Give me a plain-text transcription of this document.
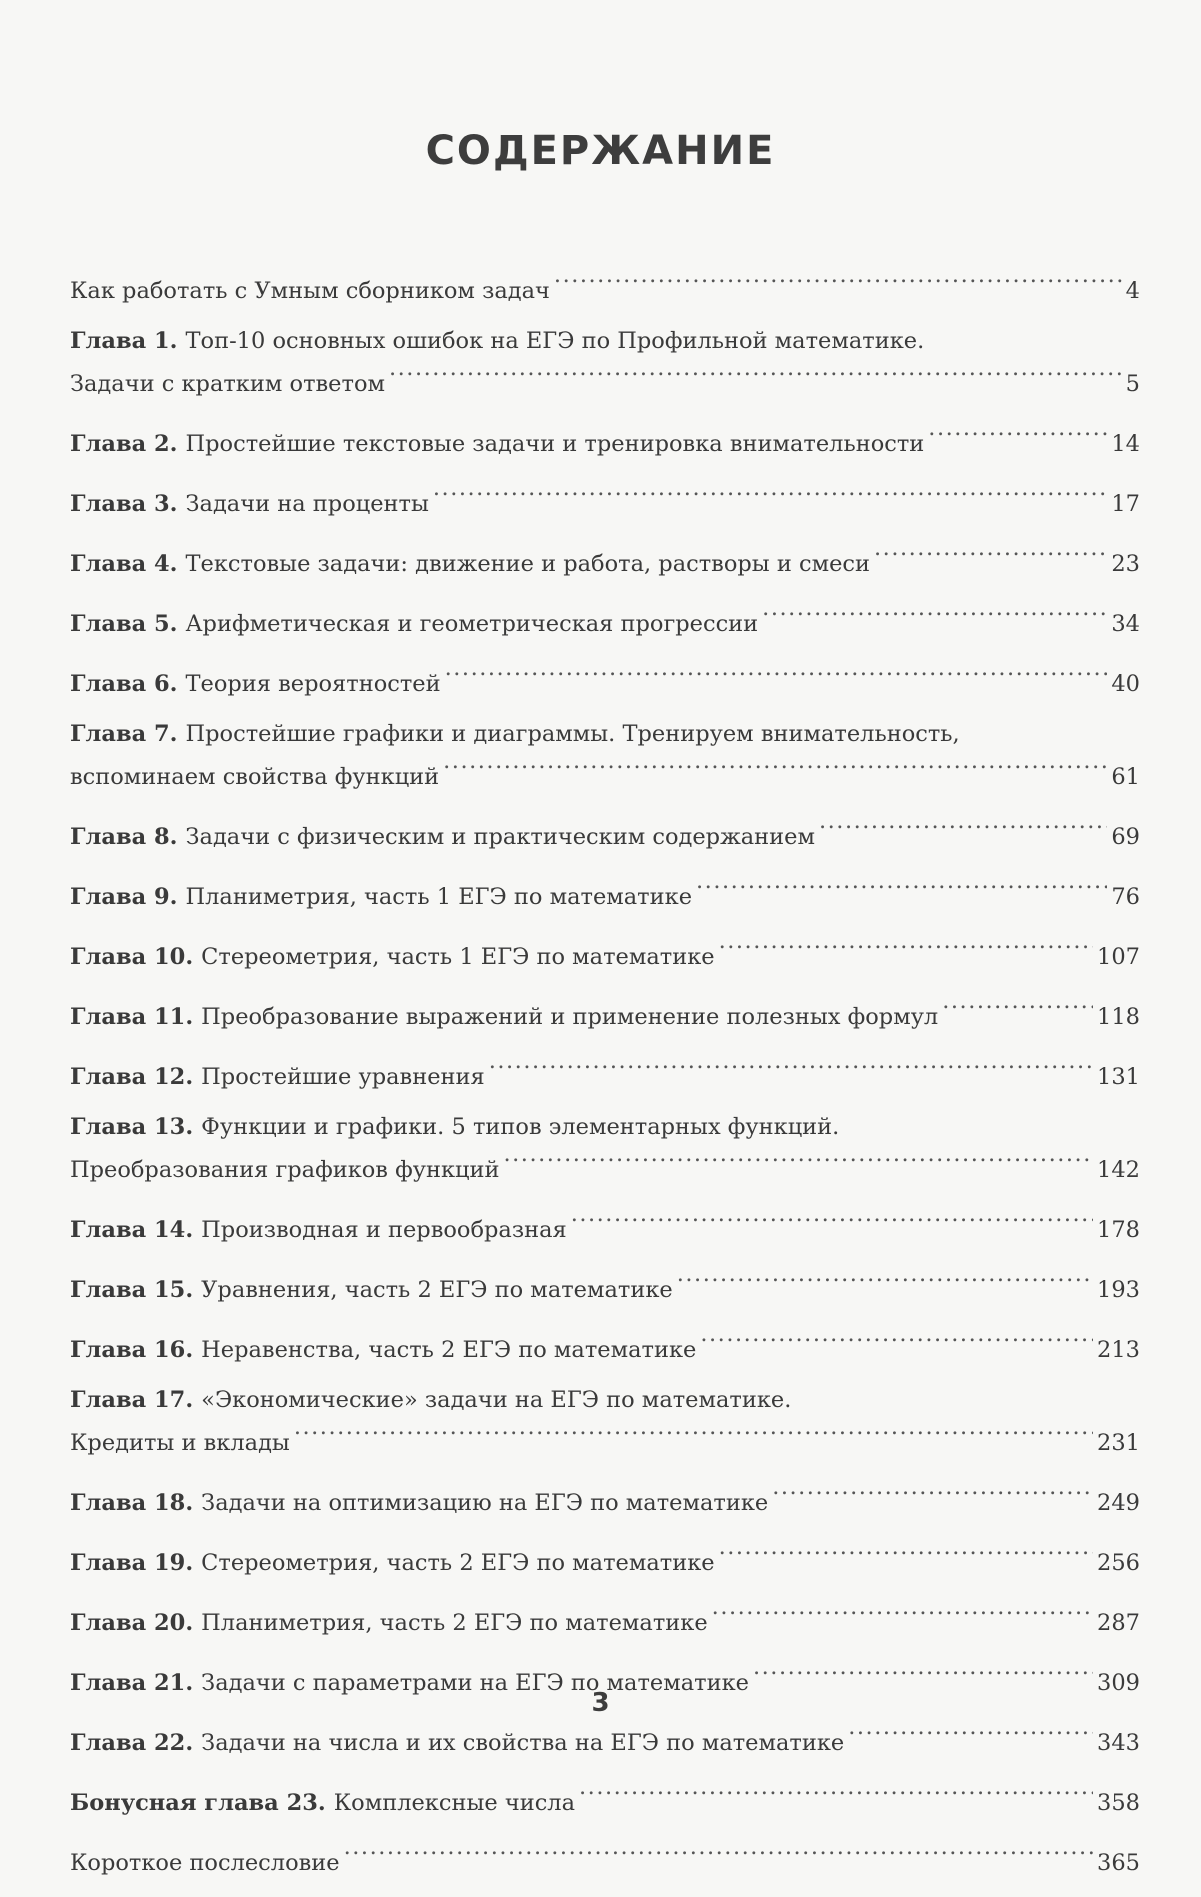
СОДЕРЖАНИЕ
Как работать с Умным сборником задач .....	4
Глава 1. Топ-10 основных ошибок на ЕГЭ по Профильной математике.
Задачи с кратким ответом .....	5
Глава 2. Простейшие текстовые задачи и тренировка внимательности .....	14
Глава 3. Задачи на проценты .....	17
Глава 4. Текстовые задачи: движение и работа, растворы и смеси .....	23
Глава 5. Арифметическая и геометрическая прогрессии .....	34
Глава 6. Теория вероятностей .....	40
Глава 7. Простейшие графики и диаграммы. Тренируем внимательность,
вспоминаем свойства функций .....	61
Глава 8. Задачи с физическим и практическим содержанием .....	69
Глава 9. Планиметрия, часть 1 ЕГЭ по математике .....	76
Глава 10. Стереометрия, часть 1 ЕГЭ по математике .....	107
Глава 11. Преобразование выражений и применение полезных формул .....	118
Глава 12. Простейшие уравнения .....	131
Глава 13. Функции и графики. 5 типов элементарных функций.
Преобразования графиков функций .....	142
Глава 14. Производная и первообразная .....	178
Глава 15. Уравнения, часть 2 ЕГЭ по математике .....	193
Глава 16. Неравенства, часть 2 ЕГЭ по математике .....	213
Глава 17. «Экономические» задачи на ЕГЭ по математике.
Кредиты и вклады .....	231
Глава 18. Задачи на оптимизацию на ЕГЭ по математике .....	249
Глава 19. Стереометрия, часть 2 ЕГЭ по математике .....	256
Глава 20. Планиметрия, часть 2 ЕГЭ по математике .....	287
Глава 21. Задачи с параметрами на ЕГЭ по математике .....	309
Глава 22. Задачи на числа и их свойства на ЕГЭ по математике .....	343
Бонусная глава 23. Комплексные числа .....	358
Короткое послесловие .....	365
3
